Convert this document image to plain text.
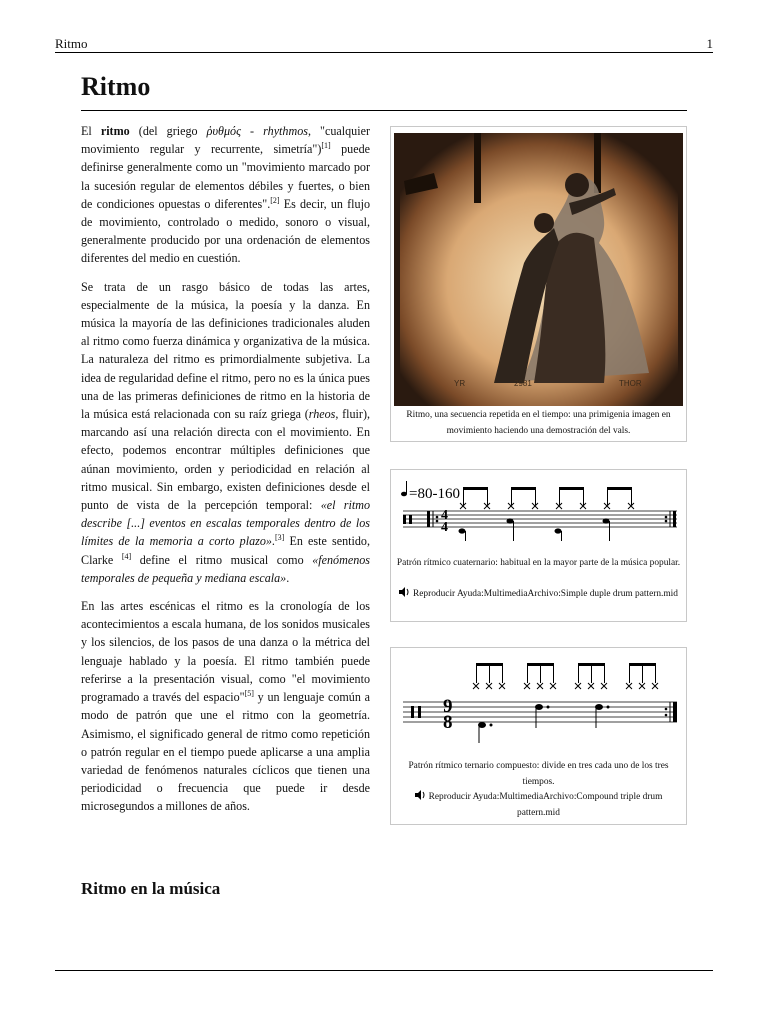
Ritmo	1
Ritmo

El ritmo (del griego ῥυθμός - rhythmos, "cualquier movimiento regular y recurrente, simetría")[1] puede definirse generalmente como un "movimiento marcado por la sucesión regular de elementos débiles y fuertes, o bien de condiciones opuestas o diferentes".[2] Es decir, un flujo de movimiento, controlado o medido, sonoro o visual, generalmente producido por una ordenación de elementos diferentes del medio en cuestión.

Se trata de un rasgo básico de todas las artes, especialmente de la música, la poesía y la danza. En música la mayoría de las definiciones tradicionales aluden al ritmo como fuerza dinámica y organizativa de la música. La naturaleza del ritmo es primordialmente subjetiva. La idea de regularidad define el ritmo, pero no es la única pues una de las primeras definiciones de ritmo en la historia de la música está relacionada con su raíz griega (rheos, fluir), marcando así una relación directa con el movimiento. En efecto, podemos encontrar múltiples definiciones que aúnan movimiento, orden y periodicidad en relación al ritmo musical. Sin embargo, existen definiciones desde el punto de vista de la percepción temporal: «el ritmo describe [...] eventos en escalas temporales dentro de los límites de la memoria a corto plazo».[3] En este sentido, Clarke [4] define el ritmo musical como «fenómenos temporales de pequeña y mediana escala».

En las artes escénicas el ritmo es la cronología de los acontecimientos a escala humana, de los sonidos musicales y los silencios, de los pasos de una danza o la métrica del lenguaje hablado y la poesía. El ritmo también puede referirse a la presentación visual, como "el movimiento programado a través del espacio"[5] y un lenguaje común a modo de patrón que une el ritmo con la geometría. Asimismo, el significado general de ritmo como repetición o patrón regular en el tiempo puede aplicarse a una amplia variedad de fenómenos naturales cíclicos que tienen una periodicidad o frecuencia que puede ir desde microsegundos a millones de años.

Ritmo en la música
YR	2981	THOR

Ritmo, una secuencia repetida en el tiempo: una primigenia imagen en movimiento haciendo una demostración del vals.

=80-160
4
4

Patrón rítmico cuaternario: habitual en la mayor parte de la música popular.

Reproducir Ayuda:MultimediaArchivo:Simple duple drum pattern.mid
9
8

Patrón rítmico ternario compuesto: divide en tres cada uno de los tres tiempos.

Reproducir Ayuda:MultimediaArchivo:Compound triple drum pattern.mid
